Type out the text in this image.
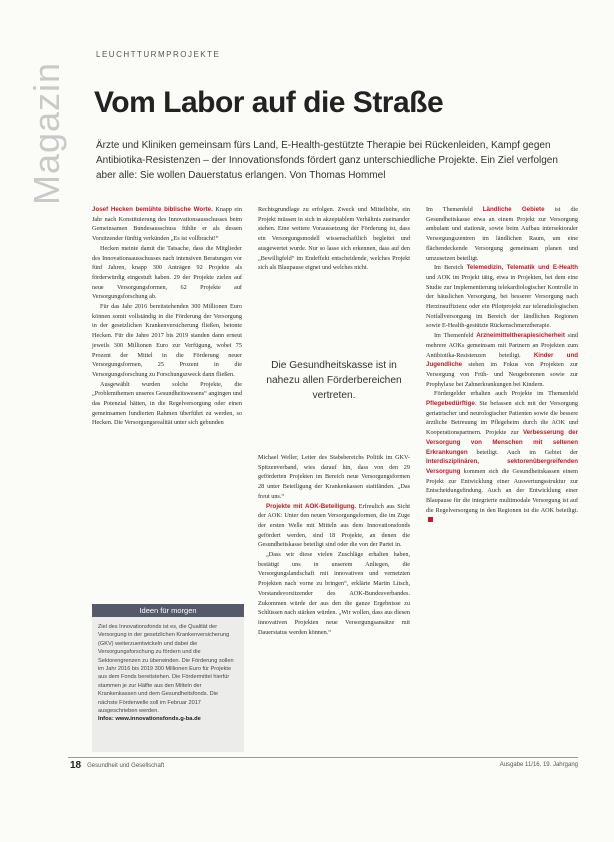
Magazin
LEUCHTTURMPROJEKTE
Vom Labor auf die Straße
Ärzte und Kliniken gemeinsam fürs Land, E-Health-gestützte Therapie bei Rückenleiden, Kampf gegen Antibiotika-Resistenzen – der Innovationsfonds fördert ganz unterschiedliche Projekte. Ein Ziel verfolgen aber alle: Sie wollen Dauerstatus erlangen. Von Thomas Hommel

Josef Hecken bemühte biblische Worte. Knapp ein Jahr nach Konstituierung des Innovationsausschusses beim Gemeinsamen Bundesausschuss fühlte er als dessen Vorsitzender fünftig verkünden „Es ist vollbracht!“

Hecken meinte damit die Tatsache, dass die Mitglieder des Innovationsausschusses nach intensiven Beratungen vor fünf Jahren, knapp 300 Anträgen 92 Projekte als förderwürdig eingestuft haben. 29 der Projekte zielen auf neue Versorgungsformen, 62 Projekte auf Versorgungsforschung ab.

Für das Jahr 2016 bereitstehenden 300 Millionen Euro können somit vollständig in die Förderung der Versorgung in der gesetzlichen Krankenversicherung fließen, betonte Hecken. Für die Jahre 2017 bis 2019 standen dann erneut jeweils 300 Millionen Euro zur Verfügung, wobei 75 Prozent der Mittel in die Förderung neuer Versorgungsformen, 25 Prozent in die Versorgungsforschung zu Forschungszweck dann fließen.

Ausgewählt wurden solche Projekte, die „Problemthemen unseres Gesundheitswesens“ angingen und das Potenzial hätten, in die Regelversorgung oder einen gemeinsamen fundierten Rahmen überführt zu werden, so Hecken. Die Versorgungsrealität unter sich gebunden

Ideen für morgen
Ziel des Innovationsfonds ist es, die Qualität der Versorgung in der gesetzlichen Krankenversicherung (GKV) weiterzuentwickeln und dabei die Versorgungsforschung zu fördern und die Sektorengrenzen zu überwinden. Die Förderung sollen im Jahr 2016 bis 2019 300 Millionen Euro für Projekte aus dem Fonds bereitstehen. Die Fördermittel hierfür stammen je zur Hälfte aus den Mitteln der Krankenkassen und dem Gesundheitsfonds. Die nächste Förderwelle soll im Februar 2017 ausgeschrieben werden.
Infos: www.innovationsfonds.g-ba.de

Rechtsgrundlage zu erfolgen. Zweck und Mittelhöhe, ein Projekt müssen in sich in akzeptablem Verhältnis zueinander stehen. Eine weitere Voraussetzung der Förderung ist, dass ein Versorgungsmodell wissenschaftlich begleitet und ausgewertet wurde. Nur so lasse sich erkennen, dass auf den „Bewilligfeld“ im Endeffekt entscheidende, welches Projekt sich als Blaupause eignet und welches nicht.

Michael Weller, Leiter des Stabsbereichs Politik im GKV-Spitzenverband, wies darauf hin, dass von den 29 geförderten Projekten im Bereich neue Versorgungsformen 28 unter Beteiligung der Krankenkassen stattfänden. „Das freut uns.“

Projekte mit AOK-Beteiligung. Erfreulich aus Sicht der AOK: Unter den neuen Versorgungsformen, die im Zuge der ersten Welle mit Mitteln aus dem Innovationsfonds gefördert werden, sind 18 Projekte, an denen die Gesundheitskasse beteiligt sind oder die von der Partei in.

„Dass wir diese vielen Zuschläge erhalten haben, bestätigt uns in unserem Anliegen, die Versorgungslandschaft mit innovativen und vernetzten Projekten nach vorne zu bringen“, erklärte Martin Litsch, Vorstandsvorsitzender des AOK-Bundesverbandes. Zukommen würde der aus den die ganze Ergebnisse zu Schlüssen nach stärken würden. „Wir wollen, dass aus diesen innovativen Projekten neue Versorgungsansätze mit Dauerstatus werden können.“

Die Gesundheitskasse ist in nahezu allen Förderbereichen vertreten.

Im Themenfeld Ländliche Gebiete ist die Gesundheitskasse etwa an einem Projekt zur Versorgung ambulant und stationär, sowie beim Aufbau intersektoraler Versorgungszentren im ländlichen Raum, um eine flächendeckende Versorgung gemeinsam planen und umzusetzen beteiligt.

Im Bereich Telemedizin, Telematik und E-Health und AOK im Projekt tätig, etwa in Projekten, bei dem eine Studie zur Implementierung telekardiologischer Kontrolle in der häuslichen Versorgung, bei besserer Versorgung nach Herzinsuffizienz oder ein Pilotprojekt zur teleradiologischen Notfallversorgung im Bereich der ländlichen Regionen sowie E-Health-gestützte Rückenschmerztherapie.

Im Themenfeld Arzneimitteltherapiesicherheit sind mehrere AOKs gemeinsam mit Partnern an Projekten zum Antibiotika-Resistenzen beteiligt. Kinder und Jugendliche stehen im Fokus von Projekten zur Versorgung von Früh- und Neugeborenen sowie zur Prophylaxe bei Zahnerkrankungen bei Kindern.

Fördergelder erhalten auch Projekte im Themenfeld Pflegebedürftige. Sie befassen sich mit der Versorgung geriatrischer und neurologischer Patienten sowie die bessere ärztliche Betreuung im Pflegeheim durch die AOK und Kooperationspartnern. Projekte zur Verbesserung der Versorgung von Menschen mit seltenen Erkrankungen beteiligt. Auch im Gebiet der Interdisziplinären, sektorenübergreifenden Versorgung kommen sich die Gesundheitskassen einem Projekt zur Entwicklung einer Auswertungsstruktur zur Entscheidungsfindung. Auch an der Entwicklung einer Blaupause für die integrierte multimodale Versorgung ist auf die Regelversorgung in den Regionen ist die AOK beteiligt.

18 Gesundheit und Gesellschaft	Ausgabe 11/16, 19. Jahrgang
